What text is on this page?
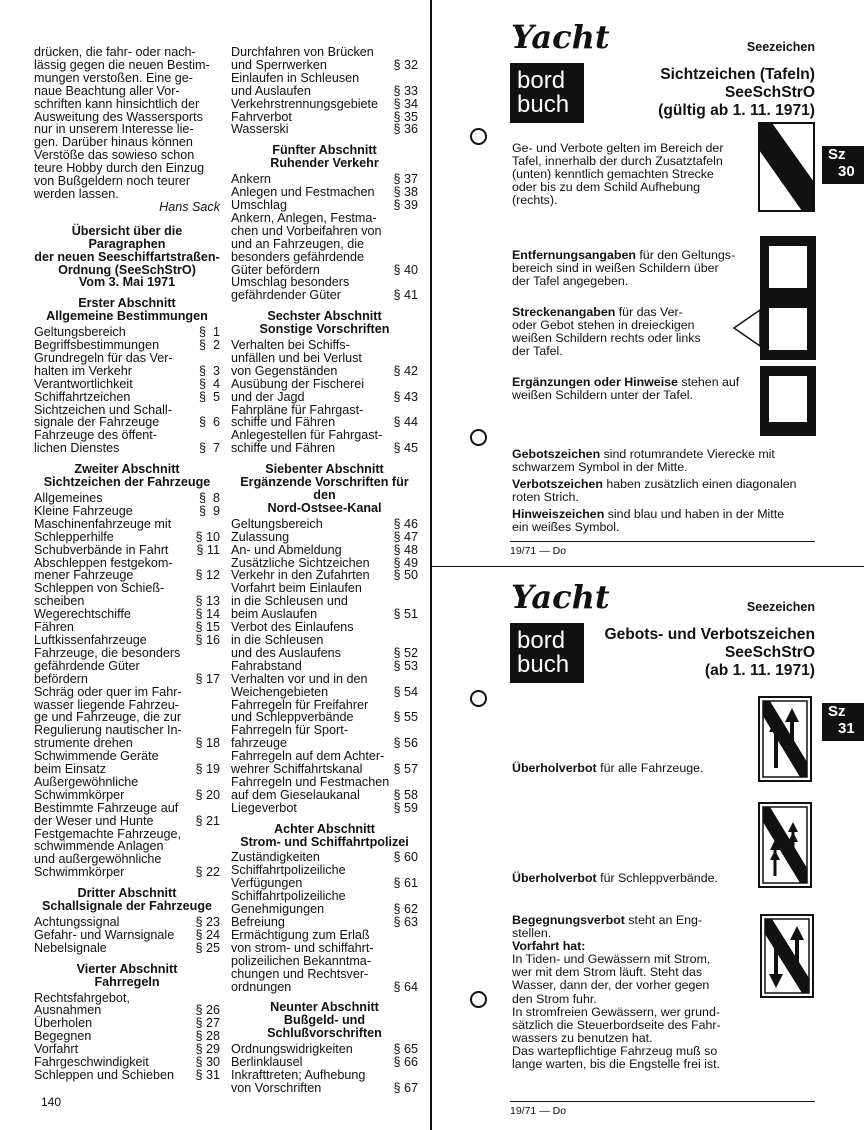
drücken, die fahr- oder nach-
lässig gegen die neuen Bestim-
mungen verstoßen. Eine ge-
naue Beachtung aller Vor-
schriften kann hinsichtlich der
Ausweitung des Wassersports
nur in unserem Interesse lie-
gen. Darüber hinaus können
Verstöße das sowieso schon
teure Hobby durch den Einzug
von Bußgeldern noch teurer
werden lassen.
Hans Sack
Übersicht über die Paragraphen
der neuen Seeschiffartstraßen-
Ordnung (SeeSchStrO)
Vom 3. Mai 1971
Erster Abschnitt
Allgemeine Bestimmungen
Geltungsbereich	§  1
Begriffsbestimmungen	§  2
Grundregeln für das Ver-
halten im Verkehr	§  3
Verantwortlichkeit	§  4
Schiffahrtzeichen	§  5
Sichtzeichen und Schall-
signale der Fahrzeuge	§  6
Fahrzeuge des öffent-
lichen Dienstes	§  7
Zweiter Abschnitt
Sichtzeichen der Fahrzeuge
Allgemeines	§  8
Kleine Fahrzeuge	§  9
Maschinenfahrzeuge mit
Schlepperhilfe	§ 10
Schubverbände in Fahrt	§ 11
Abschleppen festgekom-
mener Fahrzeuge	§ 12
Schleppen von Schieß-
scheiben	§ 13
Wegerechtschiffe	§ 14
Fähren	§ 15
Luftkissenfahrzeuge	§ 16
Fahrzeuge, die besonders
gefährdende Güter
befördern	§ 17
Schräg oder quer im Fahr-
wasser liegende Fahrzeu-
ge und Fahrzeuge, die zur
Regulierung nautischer In-
strumente drehen	§ 18
Schwimmende Geräte
beim Einsatz	§ 19
Außergewöhnliche
Schwimmkörper	§ 20
Bestimmte Fahrzeuge auf
der Weser und Hunte	§ 21
Festgemachte Fahrzeuge,
schwimmende Anlagen
und außergewöhnliche
Schwimmkörper	§ 22
Dritter Abschnitt
Schallsignale der Fahrzeuge
Achtungssignal	§ 23
Gefahr- und Warnsignale	§ 24
Nebelsignale	§ 25
Vierter Abschnitt
Fahrregeln
Rechtsfahrgebot,
Ausnahmen	§ 26
Überholen	§ 27
Begegnen	§ 28
Vorfahrt	§ 29
Fahrgeschwindigkeit	§ 30
Schleppen und Schieben	§ 31
140
Durchfahren von Brücken
und Sperrwerken	§ 32
Einlaufen in Schleusen
und Auslaufen	§ 33
Verkehrstrennungsgebiete	§ 34
Fahrverbot	§ 35
Wasserski	§ 36
Fünfter Abschnitt
Ruhender Verkehr
Ankern	§ 37
Anlegen und Festmachen	§ 38
Umschlag	§ 39
Ankern, Anlegen, Festma-
chen und Vorbeifahren von
und an Fahrzeugen, die
besonders gefährdende
Güter befördern	§ 40
Umschlag besonders
gefährdender Güter	§ 41
Sechster Abschnitt
Sonstige Vorschriften
Verhalten bei Schiffs-
unfällen und bei Verlust
von Gegenständen	§ 42
Ausübung der Fischerei
und der Jagd	§ 43
Fahrpläne für Fahrgast-
schiffe und Fähren	§ 44
Anlegestellen für Fahrgast-
schiffe und Fähren	§ 45
Siebenter Abschnitt
Ergänzende Vorschriften für den
Nord-Ostsee-Kanal
Geltungsbereich	§ 46
Zulassung	§ 47
An- und Abmeldung	§ 48
Zusätzliche Sichtzeichen	§ 49
Verkehr in den Zufahrten	§ 50
Vorfahrt beim Einlaufen
in die Schleusen und
beim Auslaufen	§ 51
Verbot des Einlaufens
in die Schleusen
und des Auslaufens	§ 52
Fahrabstand	§ 53
Verhalten vor und in den
Weichengebieten	§ 54
Fahrregeln für Freifahrer
und Schleppverbände	§ 55
Fahrregeln für Sport-
fahrzeuge	§ 56
Fahrregeln auf dem Achter-
wehrer Schiffahrtskanal	§ 57
Fahrregeln und Festmachen
auf dem Gieselaukanal	§ 58
Liegeverbot	§ 59
Achter Abschnitt
Strom- und Schiffahrtpolizei
Zuständigkeiten	§ 60
Schiffahrtpolizeiliche
Verfügungen	§ 61
Schiffahrtpolizeiliche
Genehmigungen	§ 62
Befreiung	§ 63
Ermächtigung zum Erlaß
von strom- und schiffahrt-
polizeilichen Bekanntma-
chungen und Rechtsver-
ordnungen	§ 64
Neunter Abschnitt
Bußgeld- und Schlußvorschriften
Ordnungswidrigkeiten	§ 65
Berlinklausel	§ 66
Inkrafttreten; Aufhebung
von Vorschriften	§ 67
Sz
30
Sz
31
Yacht	Seezeichen
bord
buch
Sichtzeichen (Tafeln)
SeeSchStrO
(gültig ab 1. 11. 1971)
Ge- und Verbote gelten im Bereich der
Tafel, innerhalb der durch Zusatztafeln
(unten) kenntlich gemachten Strecke
oder bis zu dem Schild Aufhebung
(rechts).
Entfernungsangaben für den Geltungs-
bereich sind in weißen Schildern über
der Tafel angegeben.
Streckenangaben für das Ver-
oder Gebot stehen in dreieckigen
weißen Schildern rechts oder links
der Tafel.
Ergänzungen oder Hinweise stehen auf
weißen Schildern unter der Tafel.
Gebotszeichen sind rotumrandete Vierecke mit
schwarzem Symbol in der Mitte.
Verbotszeichen haben zusätzlich einen diagonalen
roten Strich.
Hinweiszeichen sind blau und haben in der Mitte
ein weißes Symbol.
19/71 — Do
Yacht	Seezeichen
bord
buch
Gebots- und Verbotszeichen
SeeSchStrO
(ab 1. 11. 1971)
Überholverbot für alle Fahrzeuge.
Überholverbot für Schleppverbände.
Begegnungsverbot steht an Eng-
stellen.
Vorfahrt hat:
In Tiden- und Gewässern mit Strom,
wer mit dem Strom läuft. Steht das
Wasser, dann der, der vorher gegen
den Strom fuhr.
In stromfreien Gewässern, wer grund-
sätzlich die Steuerbordseite des Fahr-
wassers zu benutzen hat.
Das wartepflichtige Fahrzeug muß so
lange warten, bis die Engstelle frei ist.
19/71 — Do
